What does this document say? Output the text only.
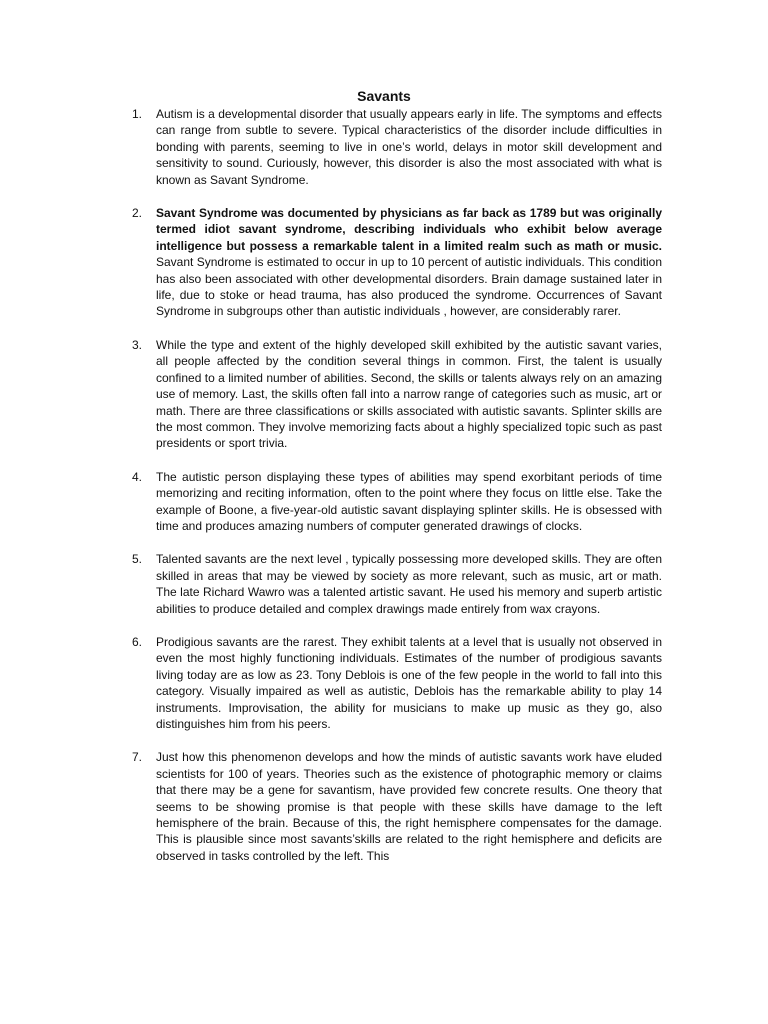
Savants
1.	Autism is a developmental disorder that usually appears early in life. The symptoms and effects can range from subtle to severe. Typical characteristics of the disorder include difficulties in bonding with parents, seeming to live in one’s world, delays in motor skill development and sensitivity to sound. Curiously, however, this disorder is also the most associated with what is known as Savant Syndrome.
2.	Savant Syndrome was documented by physicians as far back as 1789 but was originally termed idiot savant syndrome, describing individuals who exhibit below average intelligence but possess a remarkable talent in a limited realm such as math or music. Savant Syndrome is estimated to occur in up to 10 percent of autistic individuals. This condition has also been associated with other developmental disorders. Brain damage sustained later in life, due to stoke or head trauma, has also produced the syndrome. Occurrences of Savant Syndrome in subgroups other than autistic individuals , however, are considerably rarer.
3.	While the type and extent of the highly developed skill exhibited by the autistic savant varies, all people affected by the condition several things in common. First, the talent is usually confined to a limited number of abilities. Second, the skills or talents always rely on an amazing use of memory. Last, the skills often fall into a narrow range of categories such as music, art or math. There are three classifications or skills associated with autistic savants. Splinter skills are the most common. They involve memorizing facts about a highly specialized topic such as past presidents or sport trivia.
4.	The autistic person displaying these types of abilities may spend exorbitant periods of time memorizing and reciting information, often to the point where they focus on little else. Take the example of Boone, a five-year-old autistic savant displaying splinter skills. He is obsessed with time and produces amazing numbers of computer generated drawings of clocks.
5.	Talented savants are the next level , typically possessing more developed skills. They are often skilled in areas that may be viewed by society as more relevant, such as music, art or math. The late Richard Wawro was a talented artistic savant. He used his memory and superb artistic abilities to produce detailed and complex drawings made entirely from wax crayons.
6.	Prodigious savants are the rarest. They exhibit talents at a level that is usually not observed in even the most highly functioning individuals. Estimates of the number of prodigious savants living today are as low as 23. Tony Deblois is one of the few people in the world to fall into this category. Visually impaired as well as autistic, Deblois has the remarkable ability to play 14 instruments. Improvisation, the ability for musicians to make up music as they go, also distinguishes him from his peers.
7.	Just how this phenomenon develops and how the minds of autistic savants work have eluded scientists for 100 of years. Theories such as the existence of photographic memory or claims that there may be a gene for savantism, have provided few concrete results. One theory that seems to be showing promise is that people with these skills have damage to the left hemisphere of the brain. Because of this, the right hemisphere compensates for the damage. This is plausible since most savants’skills are related to the right hemisphere and deficits are observed in tasks controlled by the left. This
